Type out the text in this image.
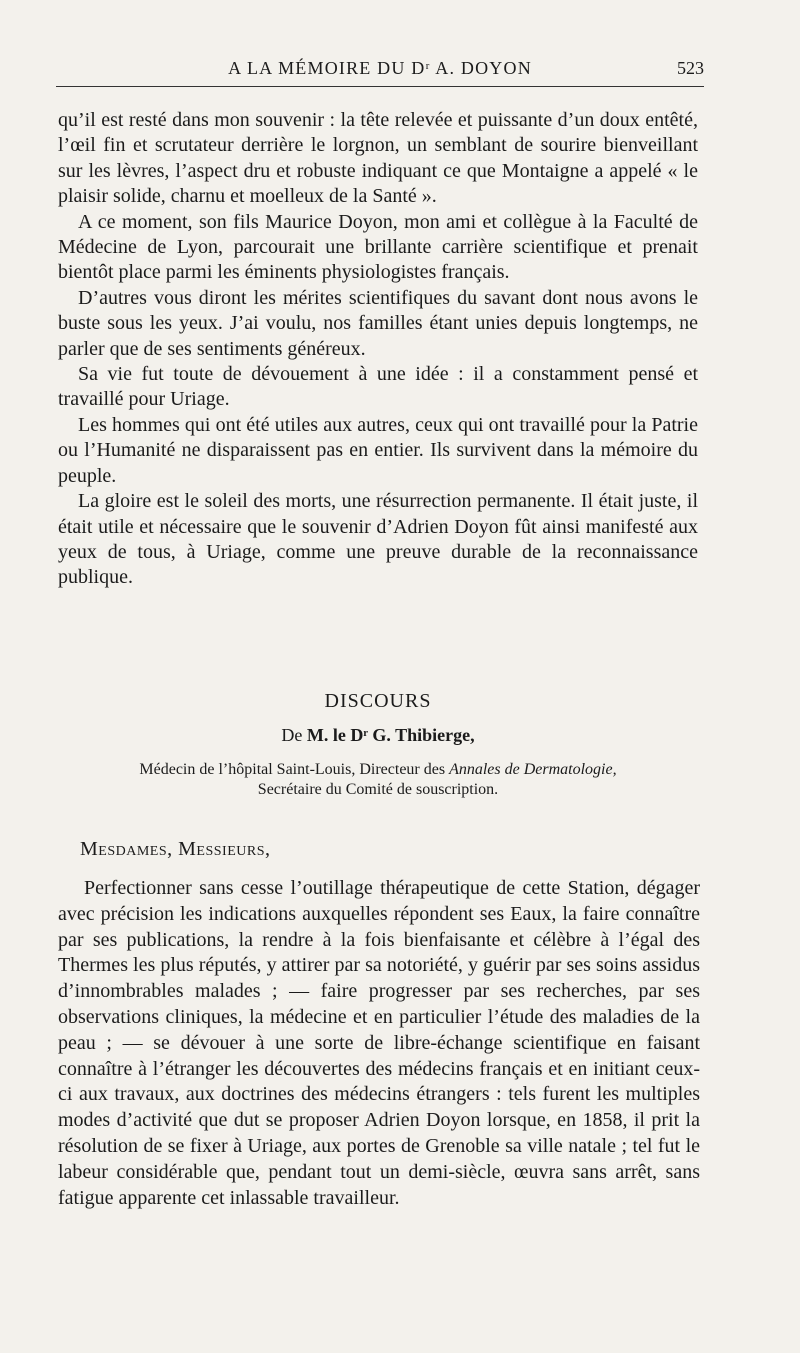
A LA MÉMOIRE DU Dʳ A. DOYON	523

qu’il est resté dans mon souvenir : la tête relevée et puissante d’un doux entêté, l’œil fin et scrutateur derrière le lorgnon, un semblant de sourire bienveillant sur les lèvres, l’aspect dru et robuste indiquant ce que Montaigne a appelé « le plaisir solide, charnu et moelleux de la Santé ».

A ce moment, son fils Maurice Doyon, mon ami et collègue à la Faculté de Médecine de Lyon, parcourait une brillante carrière scientifique et prenait bientôt place parmi les éminents physiologistes français.

D’autres vous diront les mérites scientifiques du savant dont nous avons le buste sous les yeux. J’ai voulu, nos familles étant unies depuis longtemps, ne parler que de ses sentiments généreux.

Sa vie fut toute de dévouement à une idée : il a constamment pensé et travaillé pour Uriage.

Les hommes qui ont été utiles aux autres, ceux qui ont travaillé pour la Patrie ou l’Humanité ne disparaissent pas en entier. Ils survivent dans la mémoire du peuple.

La gloire est le soleil des morts, une résurrection permanente. Il était juste, il était utile et nécessaire que le souvenir d’Adrien Doyon fût ainsi manifesté aux yeux de tous, à Uriage, comme une preuve durable de la reconnaissance publique.

DISCOURS
De M. le Dʳ G. Thibierge,
Médecin de l’hôpital Saint-Louis, Directeur des Annales de Dermatologie,
Secrétaire du Comité de souscription.
Mesdames, Messieurs,

Perfectionner sans cesse l’outillage thérapeutique de cette Station, dégager avec précision les indications auxquelles répondent ses Eaux, la faire connaître par ses publications, la rendre à la fois bienfaisante et célèbre à l’égal des Thermes les plus réputés, y attirer par sa notoriété, y guérir par ses soins assidus d’innombrables malades ; — faire progresser par ses recherches, par ses observations cliniques, la médecine et en particulier l’étude des maladies de la peau ; — se dévouer à une sorte de libre-échange scientifique en faisant connaître à l’étranger les découvertes des médecins français et en initiant ceux-ci aux travaux, aux doctrines des médecins étrangers : tels furent les multiples modes d’activité que dut se proposer Adrien Doyon lorsque, en 1858, il prit la résolution de se fixer à Uriage, aux portes de Grenoble sa ville natale ; tel fut le labeur considérable que, pendant tout un demi-siècle, œuvra sans arrêt, sans fatigue apparente cet inlassable travailleur.
